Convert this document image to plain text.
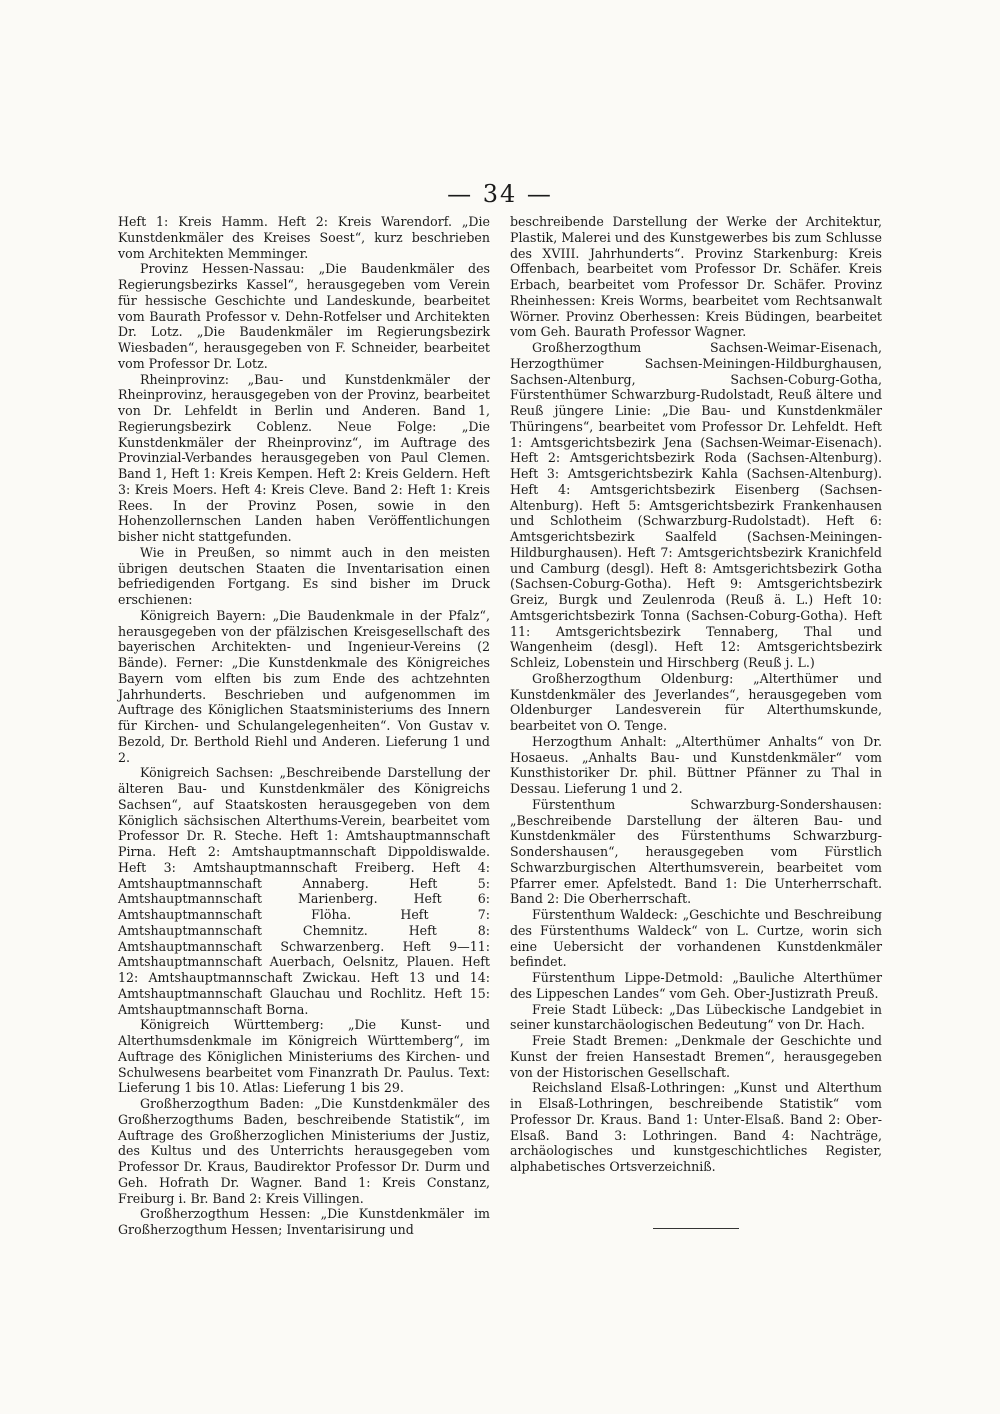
— 34 —

Heft 1: Kreis Hamm. Heft 2: Kreis Warendorf. „Die Kunstdenkmäler des Kreises Soest“, kurz beschrieben vom Architekten Memminger.

Provinz Hessen-Nassau: „Die Baudenkmäler des Regierungsbezirks Kassel“, herausgegeben vom Verein für hessische Geschichte und Landeskunde, bearbeitet vom Baurath Professor v. Dehn-Rotfelser und Architekten Dr. Lotz. „Die Baudenkmäler im Regierungsbezirk Wiesbaden“, herausgegeben von F. Schneider, bearbeitet vom Professor Dr. Lotz.

Rheinprovinz: „Bau- und Kunstdenkmäler der Rheinprovinz, herausgegeben von der Provinz, bearbeitet von Dr. Lehfeldt in Berlin und Anderen. Band 1, Regierungsbezirk Coblenz. Neue Folge: „Die Kunstdenkmäler der Rheinprovinz“, im Auftrage des Provinzial-Verbandes herausgegeben von Paul Clemen. Band 1, Heft 1: Kreis Kempen. Heft 2: Kreis Geldern. Heft 3: Kreis Moers. Heft 4: Kreis Cleve. Band 2: Heft 1: Kreis Rees. In der Provinz Posen, sowie in den Hohenzollernschen Landen haben Veröffentlichungen bisher nicht stattgefunden.

Wie in Preußen, so nimmt auch in den meisten übrigen deutschen Staaten die Inventarisation einen befriedigenden Fortgang. Es sind bisher im Druck erschienen:

Königreich Bayern: „Die Baudenkmale in der Pfalz“, herausgegeben von der pfälzischen Kreisgesellschaft des bayerischen Architekten- und Ingenieur-Vereins (2 Bände). Ferner: „Die Kunstdenkmale des Königreiches Bayern vom elften bis zum Ende des achtzehnten Jahrhunderts. Beschrieben und aufgenommen im Auftrage des Königlichen Staatsministeriums des Innern für Kirchen- und Schulangelegenheiten“. Von Gustav v. Bezold, Dr. Berthold Riehl und Anderen. Lieferung 1 und 2.

Königreich Sachsen: „Beschreibende Darstellung der älteren Bau- und Kunstdenkmäler des Königreichs Sachsen“, auf Staatskosten herausgegeben von dem Königlich sächsischen Alterthums-Verein, bearbeitet vom Professor Dr. R. Steche. Heft 1: Amtshauptmannschaft Pirna. Heft 2: Amtshauptmannschaft Dippoldiswalde. Heft 3: Amtshauptmannschaft Freiberg. Heft 4: Amtshauptmannschaft Annaberg. Heft 5: Amtshauptmannschaft Marienberg. Heft 6: Amtshauptmannschaft Flöha. Heft 7: Amtshauptmannschaft Chemnitz. Heft 8: Amtshauptmannschaft Schwarzenberg. Heft 9—11: Amtshauptmannschaft Auerbach, Oelsnitz, Plauen. Heft 12: Amtshauptmannschaft Zwickau. Heft 13 und 14: Amtshauptmannschaft Glauchau und Rochlitz. Heft 15: Amtshauptmannschaft Borna.

Königreich Württemberg: „Die Kunst- und Alterthumsdenkmale im Königreich Württemberg“, im Auftrage des Königlichen Ministeriums des Kirchen- und Schulwesens bearbeitet vom Finanzrath Dr. Paulus. Text: Lieferung 1 bis 10. Atlas: Lieferung 1 bis 29.

Großherzogthum Baden: „Die Kunstdenkmäler des Großherzogthums Baden, beschreibende Statistik“, im Auftrage des Großherzoglichen Ministeriums der Justiz, des Kultus und des Unterrichts herausgegeben vom Professor Dr. Kraus, Baudirektor Professor Dr. Durm und Geh. Hofrath Dr. Wagner. Band 1: Kreis Constanz, Freiburg i. Br. Band 2: Kreis Villingen.

Großherzogthum Hessen: „Die Kunstdenkmäler im Großherzogthum Hessen; Inventarisirung und

beschreibende Darstellung der Werke der Architektur, Plastik, Malerei und des Kunstgewerbes bis zum Schlusse des XVIII. Jahrhunderts“. Provinz Starkenburg: Kreis Offenbach, bearbeitet vom Professor Dr. Schäfer. Kreis Erbach, bearbeitet vom Professor Dr. Schäfer. Provinz Rheinhessen: Kreis Worms, bearbeitet vom Rechtsanwalt Wörner. Provinz Oberhessen: Kreis Büdingen, bearbeitet vom Geh. Baurath Professor Wagner.

Großherzogthum Sachsen-Weimar-Eisenach, Herzogthümer Sachsen-Meiningen-Hildburghausen, Sachsen-Altenburg, Sachsen-Coburg-Gotha, Fürstenthümer Schwarzburg-Rudolstadt, Reuß ältere und Reuß jüngere Linie: „Die Bau- und Kunstdenkmäler Thüringens“, bearbeitet vom Professor Dr. Lehfeldt. Heft 1: Amtsgerichtsbezirk Jena (Sachsen-Weimar-Eisenach). Heft 2: Amtsgerichtsbezirk Roda (Sachsen-Altenburg). Heft 3: Amtsgerichtsbezirk Kahla (Sachsen-Altenburg). Heft 4: Amtsgerichtsbezirk Eisenberg (Sachsen-Altenburg). Heft 5: Amtsgerichtsbezirk Frankenhausen und Schlotheim (Schwarzburg-Rudolstadt). Heft 6: Amtsgerichtsbezirk Saalfeld (Sachsen-Meiningen-Hildburghausen). Heft 7: Amtsgerichtsbezirk Kranichfeld und Camburg (desgl). Heft 8: Amtsgerichtsbezirk Gotha (Sachsen-Coburg-Gotha). Heft 9: Amtsgerichtsbezirk Greiz, Burgk und Zeulenroda (Reuß ä. L.) Heft 10: Amtsgerichtsbezirk Tonna (Sachsen-Coburg-Gotha). Heft 11: Amtsgerichtsbezirk Tennaberg, Thal und Wangenheim (desgl). Heft 12: Amtsgerichtsbezirk Schleiz, Lobenstein und Hirschberg (Reuß j. L.)

Großherzogthum Oldenburg: „Alterthümer und Kunstdenkmäler des Jeverlandes“, herausgegeben vom Oldenburger Landesverein für Alterthumskunde, bearbeitet von O. Tenge.

Herzogthum Anhalt: „Alterthümer Anhalts“ von Dr. Hosaeus. „Anhalts Bau- und Kunstdenkmäler“ vom Kunsthistoriker Dr. phil. Büttner Pfänner zu Thal in Dessau. Lieferung 1 und 2.

Fürstenthum Schwarzburg-Sondershausen: „Beschreibende Darstellung der älteren Bau- und Kunstdenkmäler des Fürstenthums Schwarzburg-Sondershausen“, herausgegeben vom Fürstlich Schwarzburgischen Alterthumsverein, bearbeitet vom Pfarrer emer. Apfelstedt. Band 1: Die Unterherrschaft. Band 2: Die Oberherrschaft.

Fürstenthum Waldeck: „Geschichte und Beschreibung des Fürstenthums Waldeck“ von L. Curtze, worin sich eine Uebersicht der vorhandenen Kunstdenkmäler befindet.

Fürstenthum Lippe-Detmold: „Bauliche Alterthümer des Lippeschen Landes“ vom Geh. Ober-Justizrath Preuß.

Freie Stadt Lübeck: „Das Lübeckische Landgebiet in seiner kunstarchäologischen Bedeutung“ von Dr. Hach.

Freie Stadt Bremen: „Denkmale der Geschichte und Kunst der freien Hansestadt Bremen“, herausgegeben von der Historischen Gesellschaft.

Reichsland Elsaß-Lothringen: „Kunst und Alterthum in Elsaß-Lothringen, beschreibende Statistik“ vom Professor Dr. Kraus. Band 1: Unter-Elsaß. Band 2: Ober-Elsaß. Band 3: Lothringen. Band 4: Nachträge, archäologisches und kunstgeschichtliches Register, alphabetisches Ortsverzeichniß.
